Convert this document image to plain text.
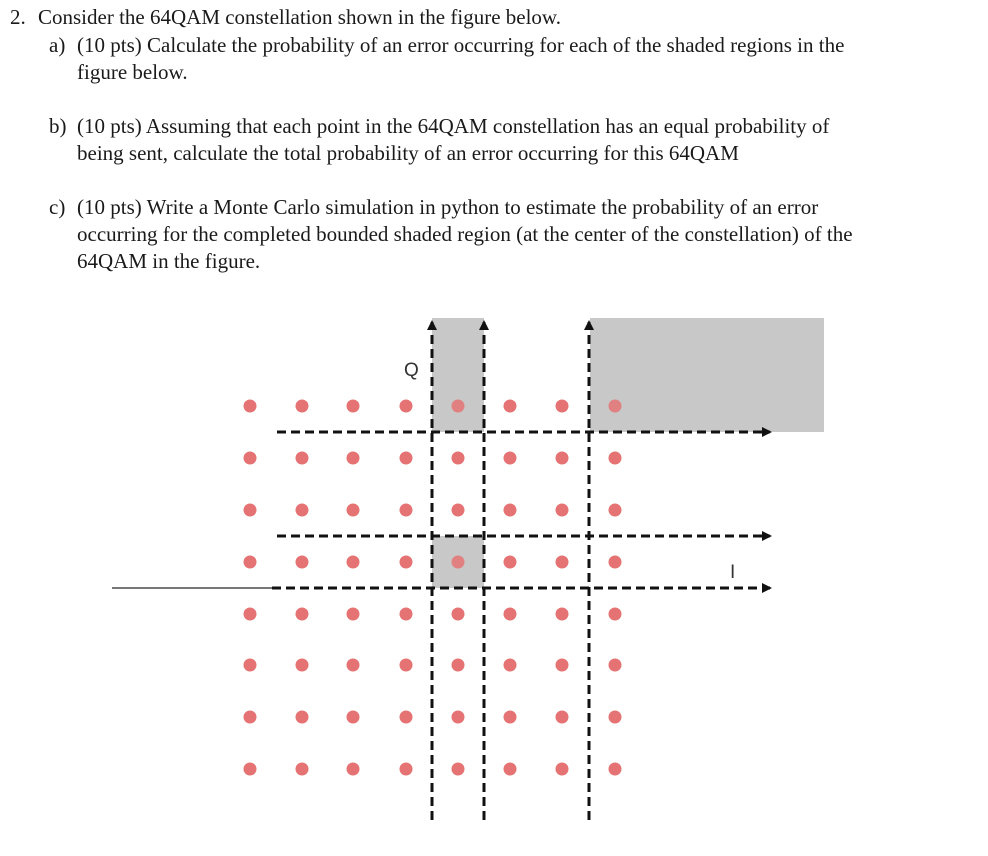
2. Consider the 64QAM constellation shown in the figure below.
a) (10 pts) Calculate the probability of an error occurring for each of the shaded regions in the
figure below.
b) (10 pts) Assuming that each point in the 64QAM constellation has an equal probability of
being sent, calculate the total probability of an error occurring for this 64QAM
c) (10 pts) Write a Monte Carlo simulation in python to estimate the probability of an error
occurring for the completed bounded shaded region (at the center of the constellation) of the
64QAM in the figure.
Q
I
